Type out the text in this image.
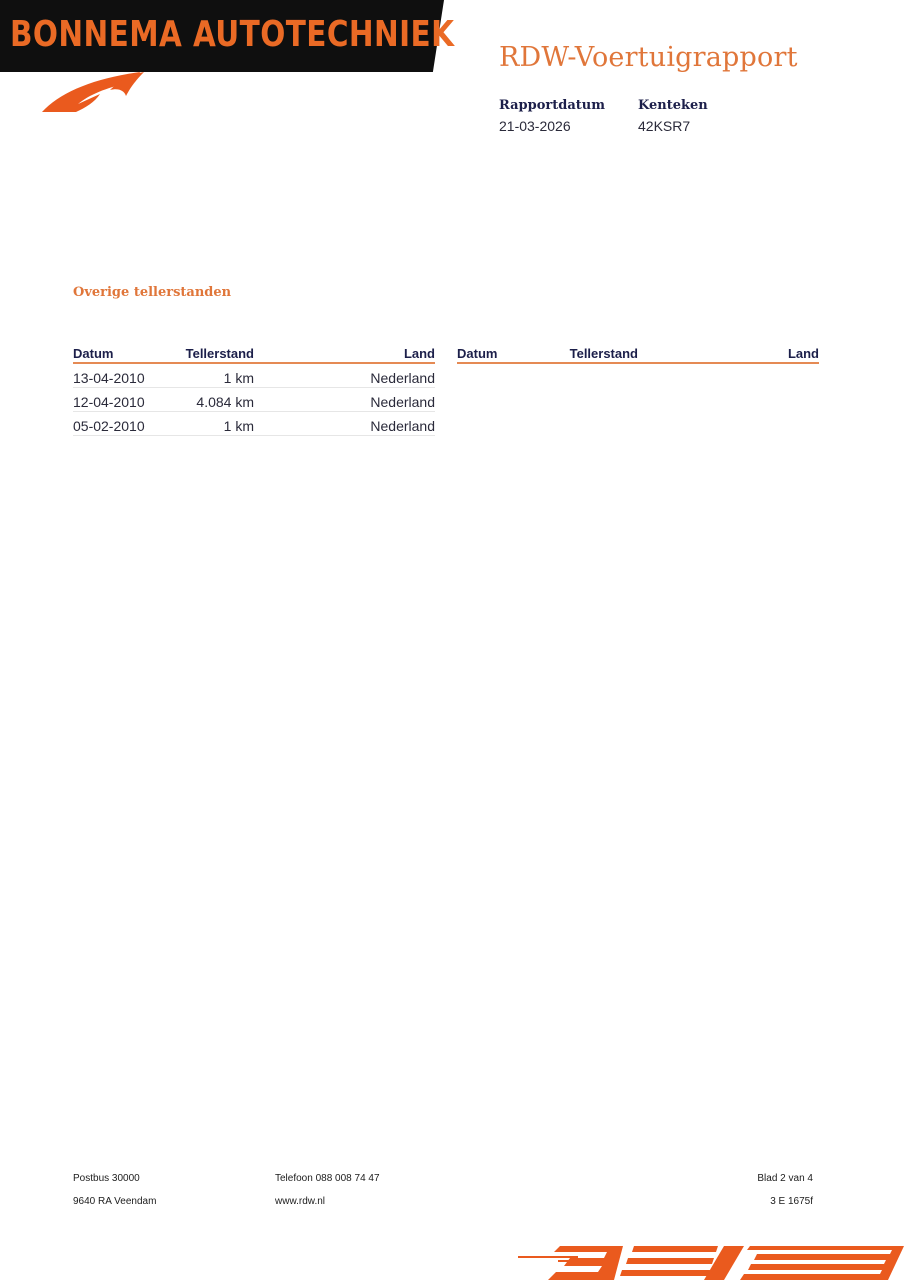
BONNEMA AUTOTECHNIEK
RDW-Voertuigrapport
Rapportdatum
21-03-2026
Kenteken
42KSR7
Overige tellerstanden
Datum	Tellerstand	Land
13-04-2010	1 km	Nederland
12-04-2010	4.084 km	Nederland
05-02-2010	1 km	Nederland
Datum	Tellerstand	Land
Postbus 30000
9640 RA Veendam
Telefoon 088 008 74 47
www.rdw.nl
Blad 2 van 4
3 E 1675f
